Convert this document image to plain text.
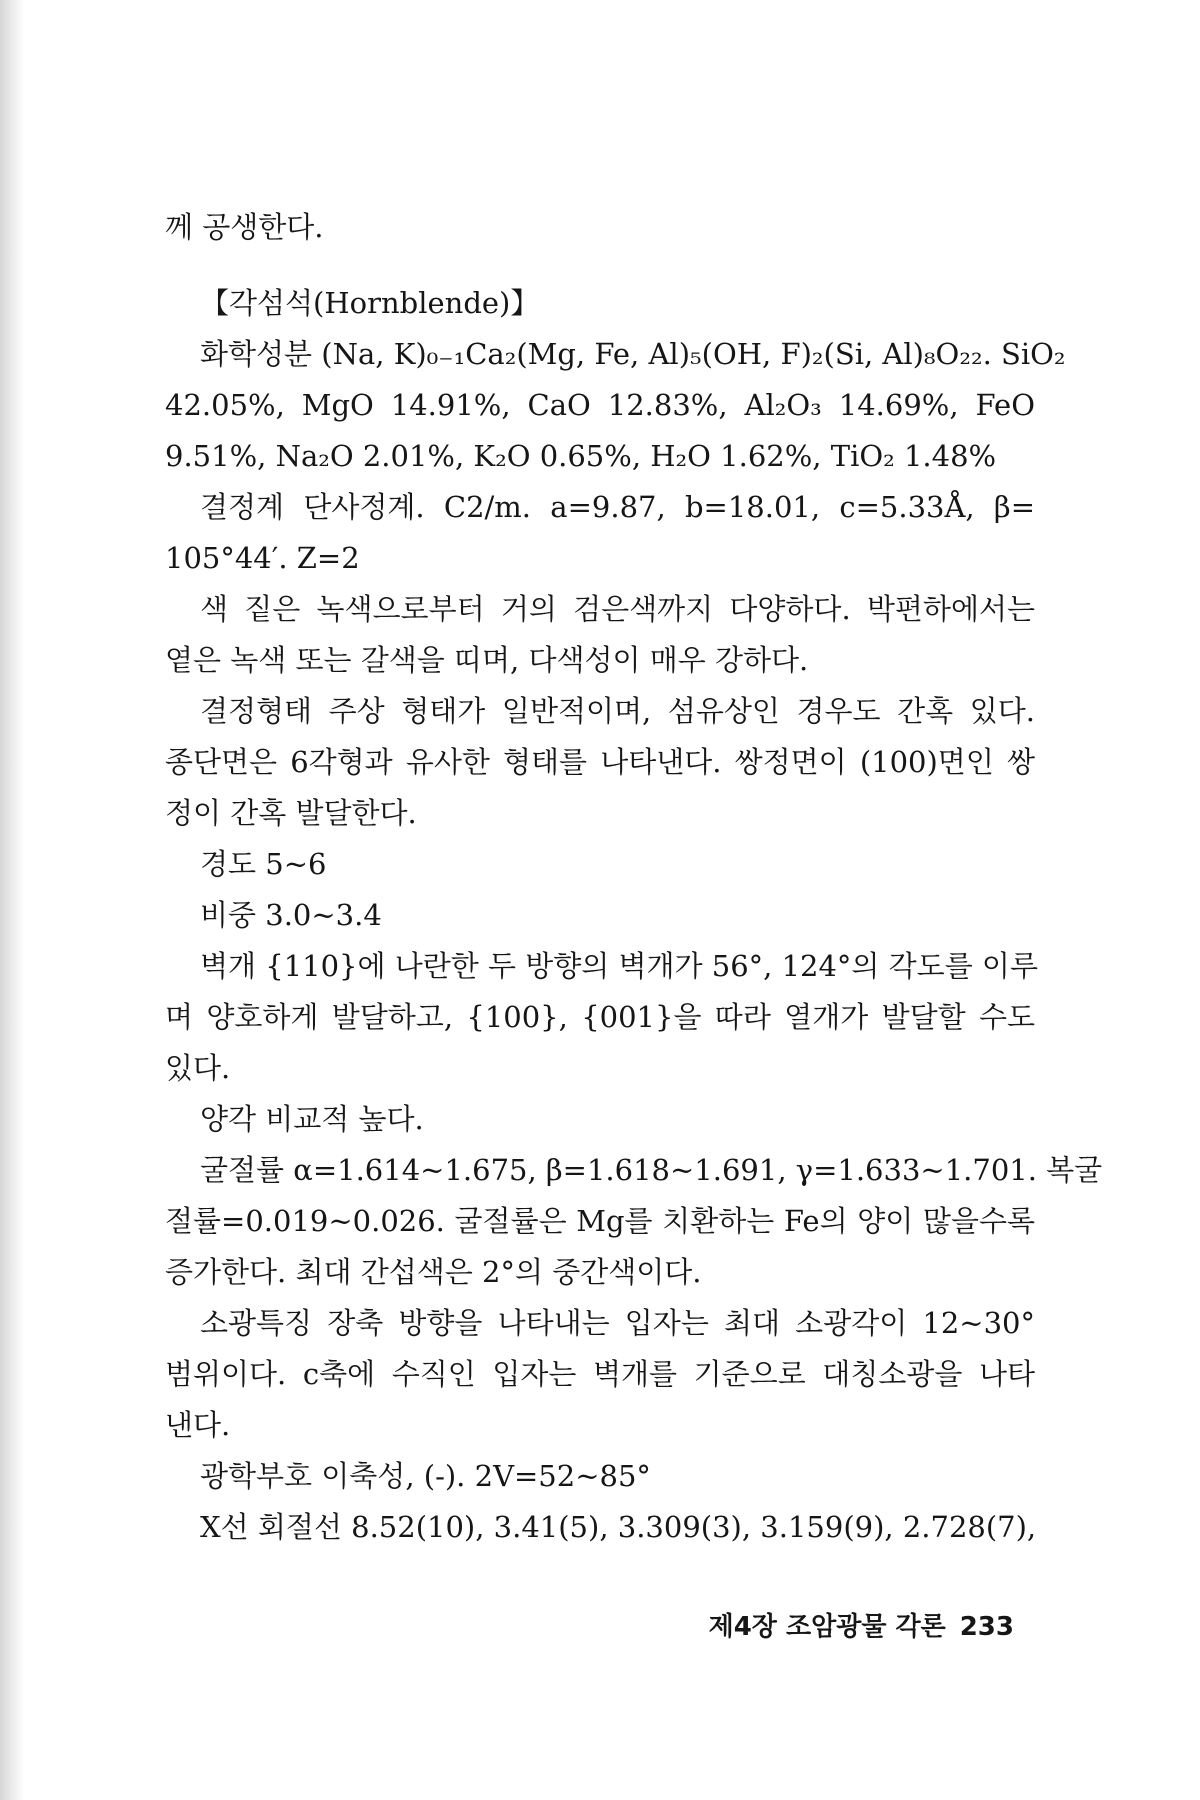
께 공생한다.
【각섬석(Hornblende)】
화학성분 (Na, K)₀₋₁Ca₂(Mg, Fe, Al)₅(OH, F)₂(Si, Al)₈O₂₂. SiO₂
42.05%, MgO 14.91%, CaO 12.83%, Al₂O₃ 14.69%, FeO
9.51%, Na₂O 2.01%, K₂O 0.65%, H₂O 1.62%, TiO₂ 1.48%
결정계 단사정계. C2/m. a=9.87, b=18.01, c=5.33Å, β=
105°44′. Z=2
색 짙은 녹색으로부터 거의 검은색까지 다양하다. 박편하에서는
옅은 녹색 또는 갈색을 띠며, 다색성이 매우 강하다.
결정형태 주상 형태가 일반적이며, 섬유상인 경우도 간혹 있다.
종단면은 6각형과 유사한 형태를 나타낸다. 쌍정면이 (100)면인 쌍
정이 간혹 발달한다.
경도 5~6
비중 3.0~3.4
벽개 {110}에 나란한 두 방향의 벽개가 56°, 124°의 각도를 이루
며 양호하게 발달하고, {100}, {001}을 따라 열개가 발달할 수도
있다.
양각 비교적 높다.
굴절률 α=1.614~1.675, β=1.618~1.691, γ=1.633~1.701. 복굴
절률=0.019~0.026. 굴절률은 Mg를 치환하는 Fe의 양이 많을수록
증가한다. 최대 간섭색은 2°의 중간색이다.
소광특징 장축 방향을 나타내는 입자는 최대 소광각이 12~30°
범위이다. c축에 수직인 입자는 벽개를 기준으로 대칭소광을 나타
낸다.
광학부호 이축성, (-). 2V=52~85°
X선 회절선 8.52(10), 3.41(5), 3.309(3), 3.159(9), 2.728(7),
제4장 조암광물 각론 233
